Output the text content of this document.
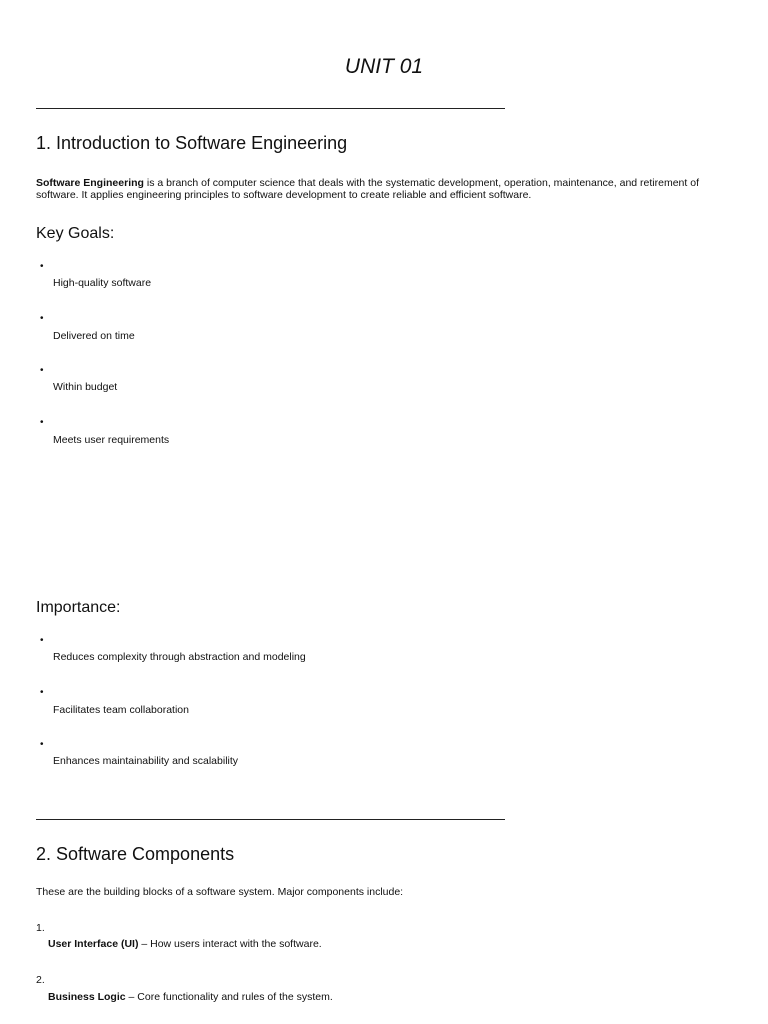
UNIT 01
1. Introduction to Software Engineering

Software Engineering is a branch of computer science that deals with the systematic development, operation, maintenance, and retirement of
software. It applies engineering principles to software development to create reliable and efficient software.

Key Goals:
•
High-quality software
•
Delivered on time
•
Within budget
•
Meets user requirements
Importance:
•
Reduces complexity through abstraction and modeling
•
Facilitates team collaboration
•
Enhances maintainability and scalability
2. Software Components

These are the building blocks of a software system. Major components include:

1.
User Interface (UI) – How users interact with the software.
2.
Business Logic – Core functionality and rules of the system.
